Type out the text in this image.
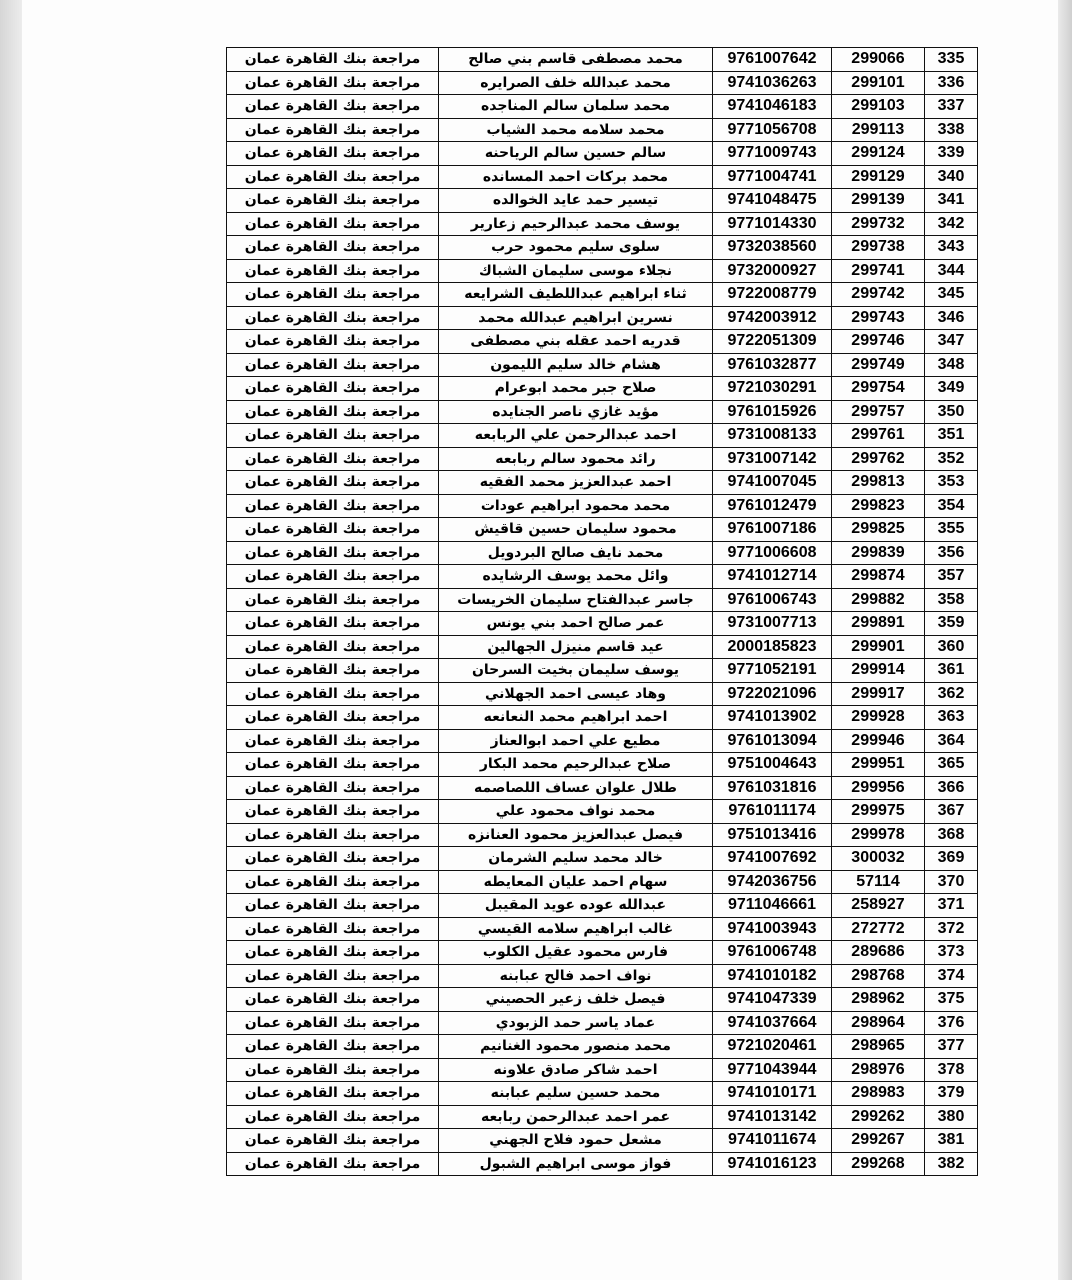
مراجعة بنك القاهرة عمان	محمد مصطفى قاسم بني صالح	9761007642	299066	335
مراجعة بنك القاهرة عمان	محمد عبدالله خلف الصرايره	9741036263	299101	336
مراجعة بنك القاهرة عمان	محمد سلمان سالم المناجده	9741046183	299103	337
مراجعة بنك القاهرة عمان	محمد سلامه محمد الشياب	9771056708	299113	338
مراجعة بنك القاهرة عمان	سالم حسين سالم الرياحنه	9771009743	299124	339
مراجعة بنك القاهرة عمان	محمد بركات احمد المسانده	9771004741	299129	340
مراجعة بنك القاهرة عمان	تيسير حمد عايد الخوالده	9741048475	299139	341
مراجعة بنك القاهرة عمان	يوسف محمد عبدالرحيم زعارير	9771014330	299732	342
مراجعة بنك القاهرة عمان	سلوى سليم محمود حرب	9732038560	299738	343
مراجعة بنك القاهرة عمان	نجلاء موسى سليمان الشباك	9732000927	299741	344
مراجعة بنك القاهرة عمان	ثناء ابراهيم عبداللطيف الشرايعه	9722008779	299742	345
مراجعة بنك القاهرة عمان	نسرين ابراهيم عبدالله محمد	9742003912	299743	346
مراجعة بنك القاهرة عمان	قدريه احمد عقله بني مصطفى	9722051309	299746	347
مراجعة بنك القاهرة عمان	هشام خالد سليم الليمون	9761032877	299749	348
مراجعة بنك القاهرة عمان	صلاح جبر محمد ابوعرام	9721030291	299754	349
مراجعة بنك القاهرة عمان	مؤيد غازي ناصر الجنايده	9761015926	299757	350
مراجعة بنك القاهرة عمان	احمد عبدالرحمن علي الربابعه	9731008133	299761	351
مراجعة بنك القاهرة عمان	رائد محمود سالم ربابعه	9731007142	299762	352
مراجعة بنك القاهرة عمان	احمد عبدالعزيز محمد الفقيه	9741007045	299813	353
مراجعة بنك القاهرة عمان	محمد محمود ابراهيم عودات	9761012479	299823	354
مراجعة بنك القاهرة عمان	محمود سليمان حسين قاقيش	9761007186	299825	355
مراجعة بنك القاهرة عمان	محمد نايف صالح البردويل	9771006608	299839	356
مراجعة بنك القاهرة عمان	وائل محمد يوسف الرشايده	9741012714	299874	357
مراجعة بنك القاهرة عمان	جاسر عبدالفتاح سليمان الخريسات	9761006743	299882	358
مراجعة بنك القاهرة عمان	عمر صالح احمد بني يونس	9731007713	299891	359
مراجعة بنك القاهرة عمان	عيد قاسم منيزل الجهالين	2000185823	299901	360
مراجعة بنك القاهرة عمان	يوسف سليمان بخيت السرحان	9771052191	299914	361
مراجعة بنك القاهرة عمان	وهاد عيسى احمد الجهلاني	9722021096	299917	362
مراجعة بنك القاهرة عمان	احمد ابراهيم محمد النعانعه	9741013902	299928	363
مراجعة بنك القاهرة عمان	مطيع علي احمد ابوالعناز	9761013094	299946	364
مراجعة بنك القاهرة عمان	صلاح عبدالرحيم محمد البكار	9751004643	299951	365
مراجعة بنك القاهرة عمان	طلال علوان عساف اللصاصمه	9761031816	299956	366
مراجعة بنك القاهرة عمان	محمد نواف محمود علي	9761011174	299975	367
مراجعة بنك القاهرة عمان	فيصل عبدالعزيز محمود العنانزه	9751013416	299978	368
مراجعة بنك القاهرة عمان	خالد محمد سليم الشرمان	9741007692	300032	369
مراجعة بنك القاهرة عمان	سهام احمد عليان المعايطه	9742036756	57114	370
مراجعة بنك القاهرة عمان	عبدالله عوده عويد المقيبل	9711046661	258927	371
مراجعة بنك القاهرة عمان	غالب ابراهيم سلامه القيسي	9741003943	272772	372
مراجعة بنك القاهرة عمان	فارس محمود عقيل الكلوب	9761006748	289686	373
مراجعة بنك القاهرة عمان	نواف احمد فالح عبابنه	9741010182	298768	374
مراجعة بنك القاهرة عمان	فيصل خلف زعير الحصيني	9741047339	298962	375
مراجعة بنك القاهرة عمان	عماد ياسر حمد الزبودي	9741037664	298964	376
مراجعة بنك القاهرة عمان	محمد منصور محمود الغنانيم	9721020461	298965	377
مراجعة بنك القاهرة عمان	احمد شاكر صادق علاونه	9771043944	298976	378
مراجعة بنك القاهرة عمان	محمد حسين سليم عبابنه	9741010171	298983	379
مراجعة بنك القاهرة عمان	عمر احمد عبدالرحمن ربابعه	9741013142	299262	380
مراجعة بنك القاهرة عمان	مشعل حمود فلاح الجهني	9741011674	299267	381
مراجعة بنك القاهرة عمان	فواز موسى ابراهيم الشبول	9741016123	299268	382
